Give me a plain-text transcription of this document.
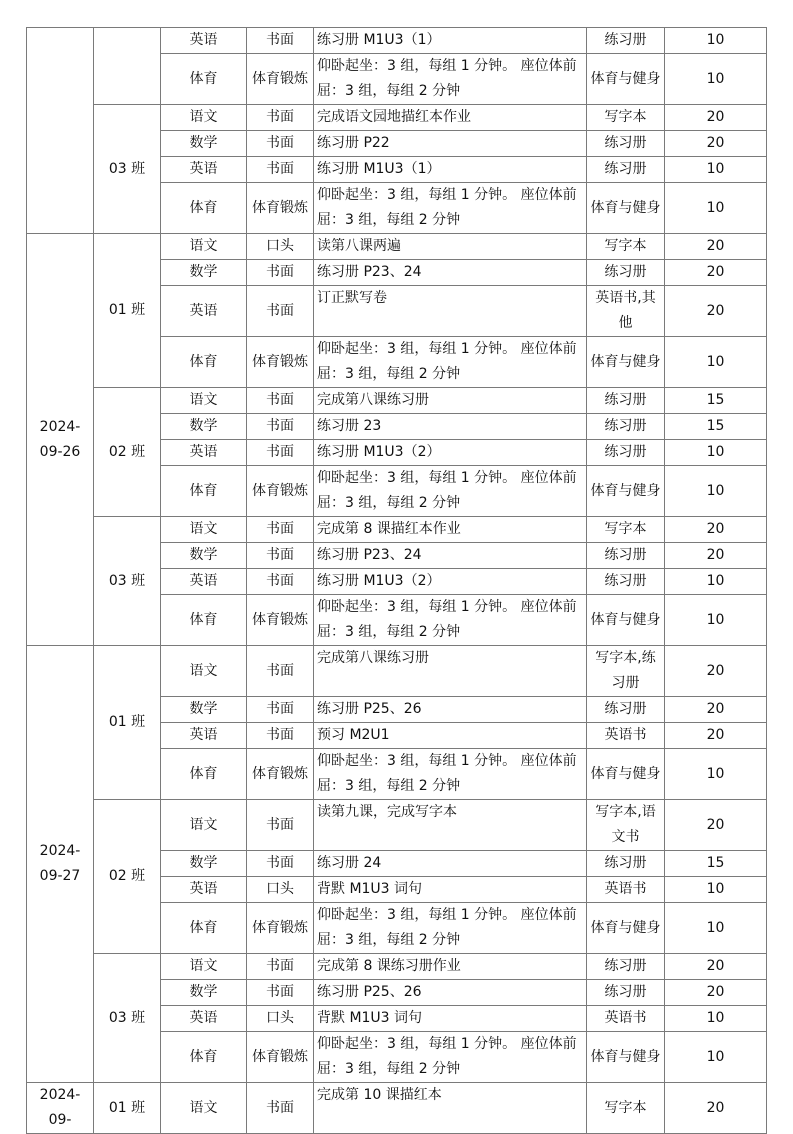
		英语	书面	练习册 M1U3（1）	练习册	10
		体育	体育锻炼	仰卧起坐：3 组，每组 1 分钟。 座位体前屈：3 组，每组 2 分钟	体育与健身	10
	03 班	语文	书面	完成语文园地描红本作业	写字本	20
		数学	书面	练习册 P22	练习册	20
		英语	书面	练习册 M1U3（1）	练习册	10
		体育	体育锻炼	仰卧起坐：3 组，每组 1 分钟。 座位体前屈：3 组，每组 2 分钟	体育与健身	10
2024-09-26	01 班	语文	口头	读第八课两遍	写字本	20
		数学	书面	练习册 P23、24	练习册	20
		英语	书面	订正默写卷	英语书,其他	20
		体育	体育锻炼	仰卧起坐：3 组，每组 1 分钟。 座位体前屈：3 组，每组 2 分钟	体育与健身	10
	02 班	语文	书面	完成第八课练习册	练习册	15
		数学	书面	练习册 23	练习册	15
		英语	书面	练习册 M1U3（2）	练习册	10
		体育	体育锻炼	仰卧起坐：3 组，每组 1 分钟。 座位体前屈：3 组，每组 2 分钟	体育与健身	10
	03 班	语文	书面	完成第 8 课描红本作业	写字本	20
		数学	书面	练习册 P23、24	练习册	20
		英语	书面	练习册 M1U3（2）	练习册	10
		体育	体育锻炼	仰卧起坐：3 组，每组 1 分钟。 座位体前屈：3 组，每组 2 分钟	体育与健身	10
2024-09-27	01 班	语文	书面	完成第八课练习册	写字本,练习册	20
		数学	书面	练习册 P25、26	练习册	20
		英语	书面	预习 M2U1	英语书	20
		体育	体育锻炼	仰卧起坐：3 组，每组 1 分钟。 座位体前屈：3 组，每组 2 分钟	体育与健身	10
	02 班	语文	书面	读第九课，完成写字本	写字本,语文书	20
		数学	书面	练习册 24	练习册	15
		英语	口头	背默 M1U3 词句	英语书	10
		体育	体育锻炼	仰卧起坐：3 组，每组 1 分钟。 座位体前屈：3 组，每组 2 分钟	体育与健身	10
	03 班	语文	书面	完成第 8 课练习册作业	练习册	20
		数学	书面	练习册 P25、26	练习册	20
		英语	口头	背默 M1U3 词句	英语书	10
		体育	体育锻炼	仰卧起坐：3 组，每组 1 分钟。 座位体前屈：3 组，每组 2 分钟	体育与健身	10
2024-09-	01 班	语文	书面	完成第 10 课描红本	写字本	20
